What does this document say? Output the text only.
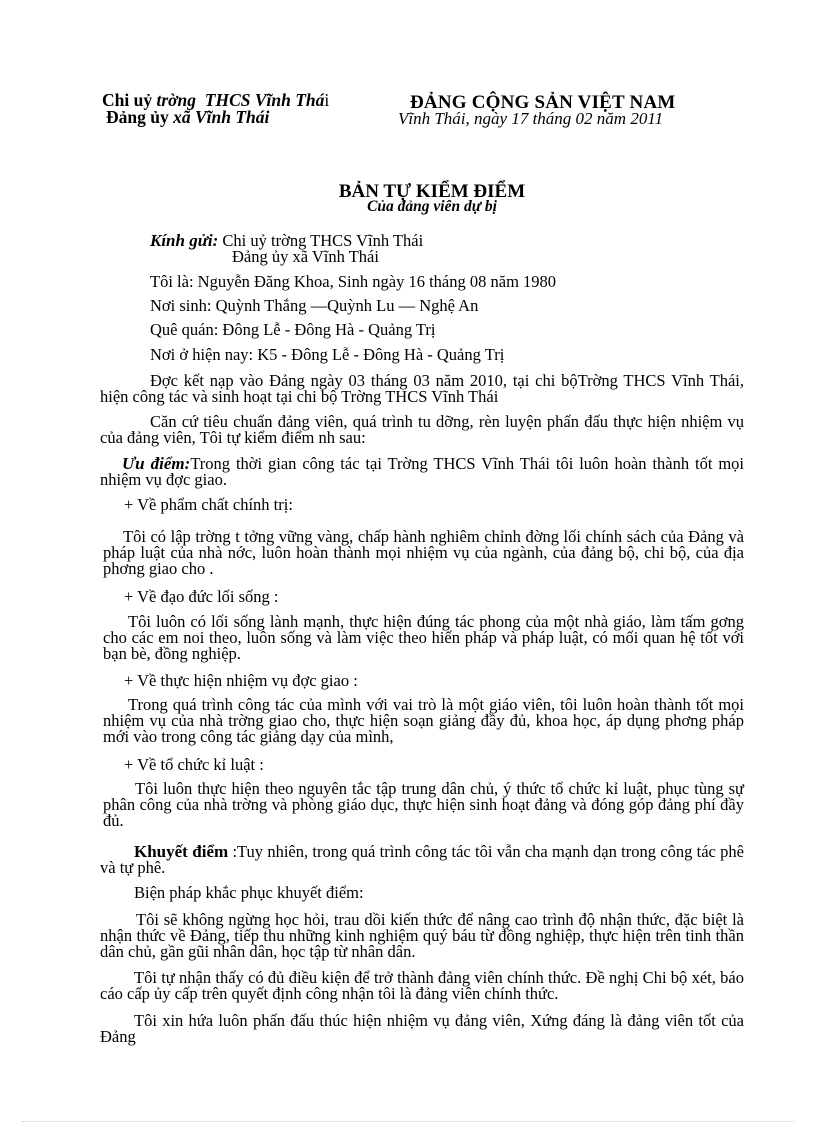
Chi uỷ trờng THCS Vĩnh Thái
Đảng ủy xã Vĩnh Thái
ĐẢNG CỘNG SẢN VIỆT NAM
Vĩnh Thái, ngày 17 tháng 02 năm 2011
BẢN TỰ KIỂM ĐIỂM
Của đảng viên dự bị
Kính gửi: Chi uỷ trờng THCS Vĩnh Thái
Đảng ủy xã Vĩnh Thái
Tôi là: Nguyễn Đăng Khoa, Sinh ngày 16 tháng 08 năm 1980
Nơi sinh: Quỳnh Thắng —Quỳnh Lu — Nghệ An
Quê quán: Đông Lễ - Đông Hà - Quảng Trị
Nơi ở hiện nay: K5 - Đông Lễ - Đông Hà - Quảng Trị
Đợc kết nạp vào Đảng ngày 03 tháng 03 năm 2010, tại chi bộTrờng THCS Vĩnh Thái, hiện công tác và sinh hoạt tại chi bộ Trờng THCS Vĩnh Thái
Căn cứ tiêu chuẩn đảng viên, quá trình tu dỡng, rèn luyện phấn đấu thực hiện nhiệm vụ của đảng viên, Tôi tự kiểm điểm nh sau:
Ưu điểm:Trong thời gian công tác tại Trờng THCS Vĩnh Thái tôi luôn hoàn thành tốt mọi nhiệm vụ đợc giao.
+ Về phẩm chất chính trị:
Tôi có lập trờng t tởng vững vàng, chấp hành nghiêm chỉnh đờng lối chính sách của Đảng và pháp luật của nhà nớc, luôn hoàn thành mọi nhiệm vụ của ngành, của đảng bộ, chi bộ, của địa phơng giao cho .
+ Về đạo đức lối sống :
Tôi luôn có lối sống lành mạnh, thực hiện đúng tác phong của một nhà giáo, làm tấm gơng cho các em noi theo, luôn sống và làm việc theo hiến pháp và pháp luật, có mối quan hệ tốt với bạn bè, đồng nghiệp.
+ Về thực hiện nhiệm vụ đợc giao :
Trong quá trình công tác của mình với vai trò là một giáo viên, tôi luôn hoàn thành tốt mọi nhiệm vụ của nhà trờng giao cho, thực hiện soạn giảng đầy đủ, khoa học, áp dụng phơng pháp mới vào trong công tác giảng dạy của mình,
+ Về tổ chức kỉ luật :
Tôi luôn thực hiện theo nguyên tắc tập trung dân chủ, ý thức tổ chức kỉ luật, phục tùng sự phân công của nhà trờng và phòng giáo dục, thực hiện sinh hoạt đảng và đóng góp đảng phí đầy đủ.
Khuyết điểm :Tuy nhiên, trong quá trình công tác tôi vẫn cha mạnh dạn trong công tác phê và tự phê.
Biện pháp khắc phục khuyết điểm:
Tôi sẽ không ngừng học hỏi, trau dồi kiến thức để nâng cao trình độ nhận thức, đặc biệt là nhận thức về Đảng, tiếp thu những kinh nghiệm quý báu từ đồng nghiệp, thực hiện trên tinh thần dân chủ, gần gũi nhân dân, học tập từ nhân dân.
Tôi tự nhận thấy có đủ điều kiện để trở thành đảng viên chính thức. Đề nghị Chi bộ xét, báo cáo cấp ủy cấp trên quyết định công nhận tôi là đảng viên chính thức.
Tôi xin hứa luôn phấn đấu thúc hiện nhiệm vụ đảng viên, Xứng đáng là đảng viên tốt của Đảng
